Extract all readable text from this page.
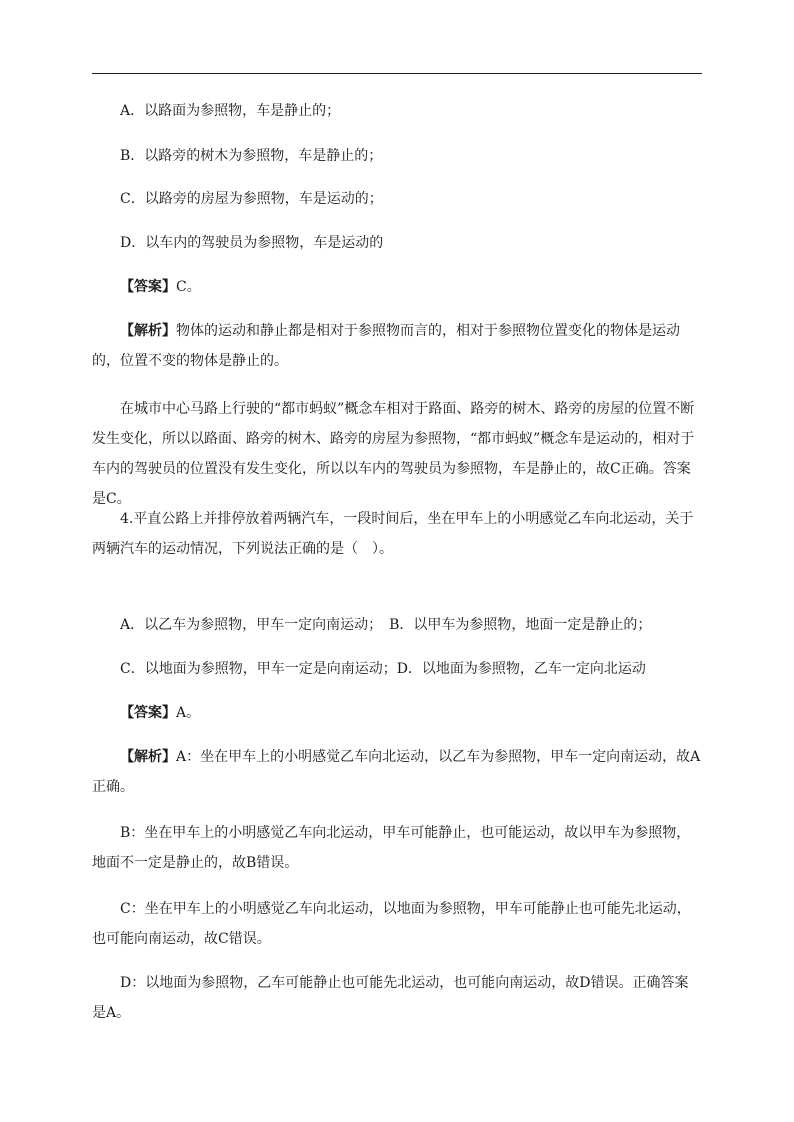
A．以路面为参照物，车是静止的；

B．以路旁的树木为参照物，车是静止的；

C．以路旁的房屋为参照物，车是运动的；

D．以车内的驾驶员为参照物，车是运动的

【答案】C。

【解析】物体的运动和静止都是相对于参照物而言的，相对于参照物位置变化的物体是运动的，位置不变的物体是静止的。

在城市中心马路上行驶的“都市蚂蚁”概念车相对于路面、路旁的树木、路旁的房屋的位置不断发生变化，所以以路面、路旁的树木、路旁的房屋为参照物，“都市蚂蚁”概念车是运动的，相对于车内的驾驶员的位置没有发生变化，所以以车内的驾驶员为参照物，车是静止的，故C正确。答案是C。

4.平直公路上并排停放着两辆汽车，一段时间后，坐在甲车上的小明感觉乙车向北运动，关于两辆汽车的运动情况，下列说法正确的是（　）。

A．以乙车为参照物，甲车一定向南运动；　B．以甲车为参照物，地面一定是静止的；

C．以地面为参照物，甲车一定是向南运动；D．以地面为参照物，乙车一定向北运动

【答案】A。

【解析】A：坐在甲车上的小明感觉乙车向北运动，以乙车为参照物，甲车一定向南运动，故A正确。

B：坐在甲车上的小明感觉乙车向北运动，甲车可能静止，也可能运动，故以甲车为参照物，地面不一定是静止的，故B错误。

C：坐在甲车上的小明感觉乙车向北运动，以地面为参照物，甲车可能静止也可能先北运动，也可能向南运动，故C错误。

D：以地面为参照物，乙车可能静止也可能先北运动，也可能向南运动，故D错误。正确答案是A。
